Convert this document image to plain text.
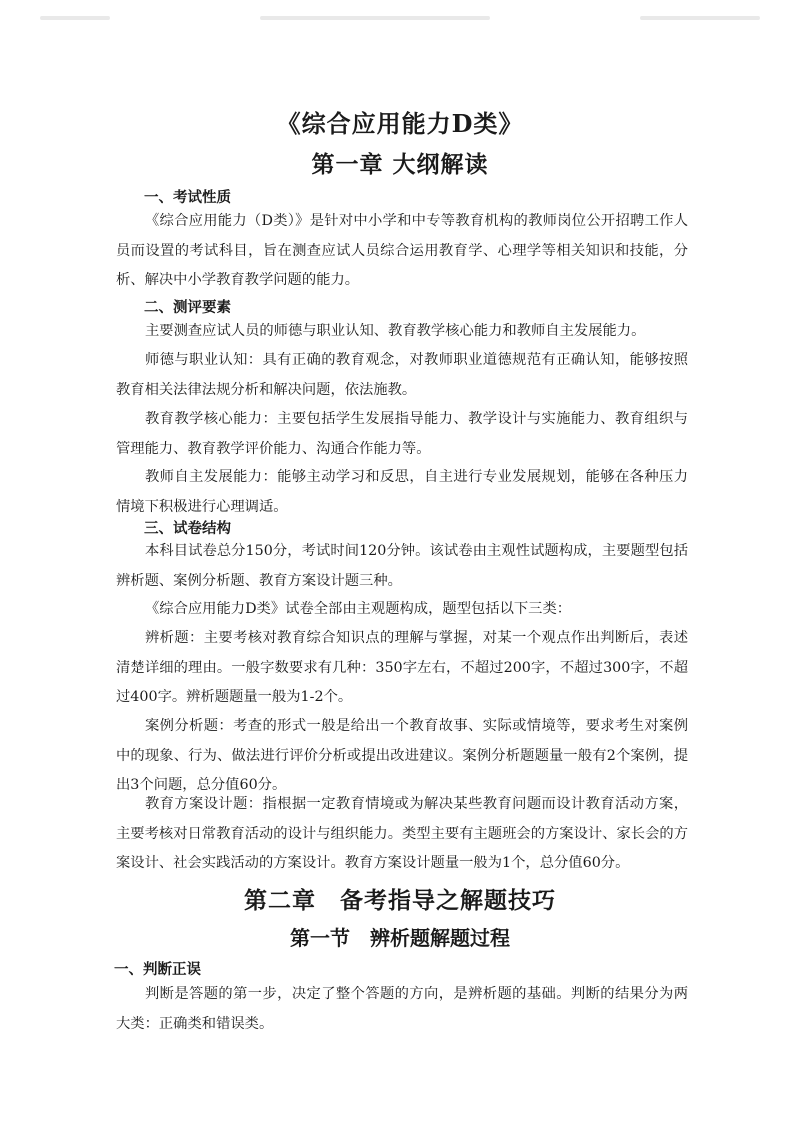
《综合应用能力D类》
第一章 大纲解读
一、考试性质

《综合应用能力（D类）》是针对中小学和中专等教育机构的教师岗位公开招聘工作人员而设置的考试科目，旨在测查应试人员综合运用教育学、心理学等相关知识和技能，分析、解决中小学教育教学问题的能力。

二、测评要素

主要测查应试人员的师德与职业认知、教育教学核心能力和教师自主发展能力。

师德与职业认知：具有正确的教育观念，对教师职业道德规范有正确认知，能够按照教育相关法律法规分析和解决问题，依法施教。

教育教学核心能力：主要包括学生发展指导能力、教学设计与实施能力、教育组织与管理能力、教育教学评价能力、沟通合作能力等。

教师自主发展能力：能够主动学习和反思，自主进行专业发展规划，能够在各种压力情境下积极进行心理调适。

三、试卷结构

本科目试卷总分150分，考试时间120分钟。该试卷由主观性试题构成，主要题型包括辨析题、案例分析题、教育方案设计题三种。

《综合应用能力D类》试卷全部由主观题构成，题型包括以下三类：

辨析题：主要考核对教育综合知识点的理解与掌握，对某一个观点作出判断后，表述清楚详细的理由。一般字数要求有几种：350字左右，不超过200字，不超过300字，不超过400字。辨析题题量一般为1-2个。

案例分析题：考查的形式一般是给出一个教育故事、实际或情境等，要求考生对案例中的现象、行为、做法进行评价分析或提出改进建议。案例分析题题量一般有2个案例，提出3个问题，总分值60分。

教育方案设计题：指根据一定教育情境或为解决某些教育问题而设计教育活动方案，主要考核对日常教育活动的设计与组织能力。类型主要有主题班会的方案设计、家长会的方案设计、社会实践活动的方案设计。教育方案设计题量一般为1个，总分值60分。

第二章　备考指导之解题技巧
第一节　辨析题解题过程
一、判断正误

判断是答题的第一步，决定了整个答题的方向，是辨析题的基础。判断的结果分为两大类：正确类和错误类。
